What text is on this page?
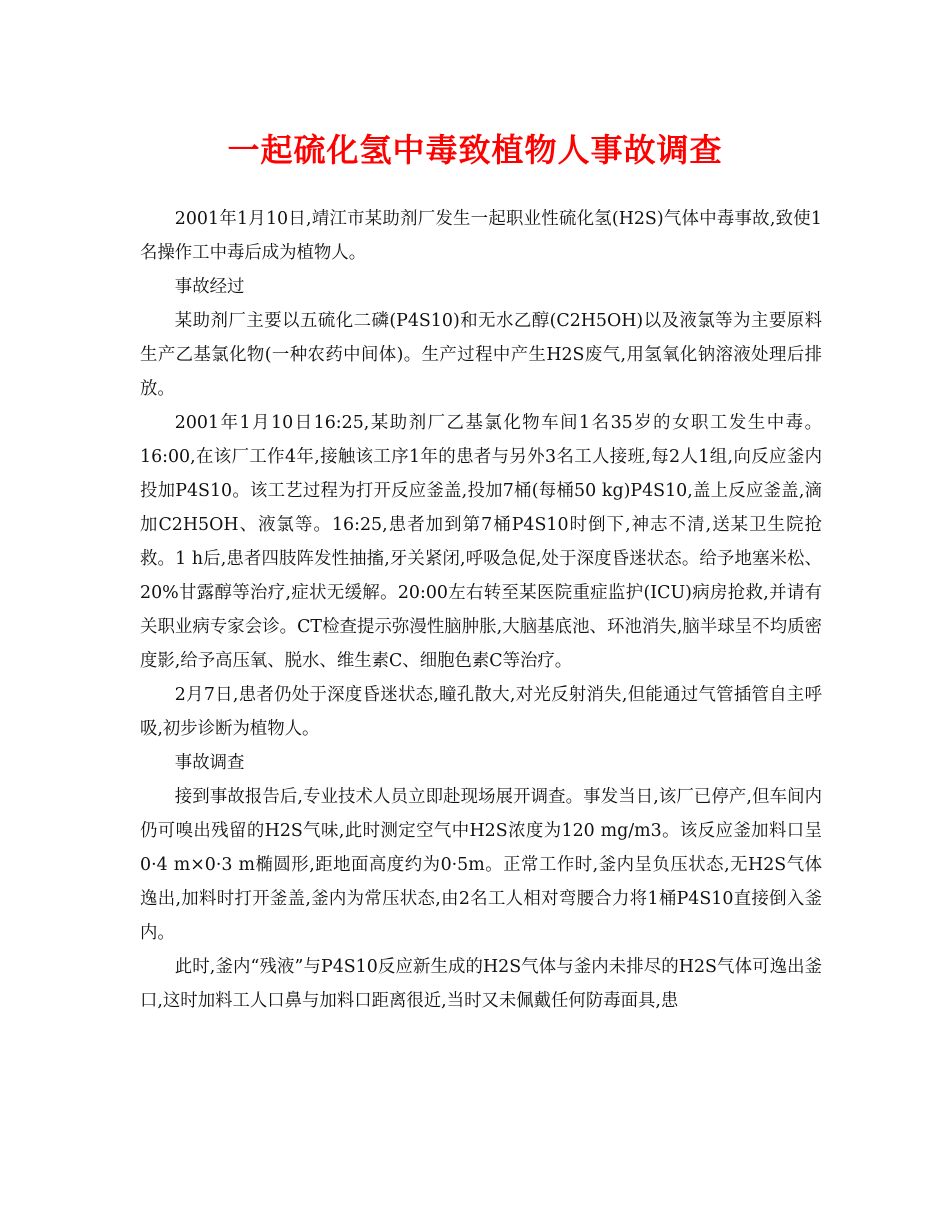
一起硫化氢中毒致植物人事故调查

2001年1月10日,靖江市某助剂厂发生一起职业性硫化氢(H2S)气体中毒事故,致使1名操作工中毒后成为植物人。

事故经过

某助剂厂主要以五硫化二磷(P4S10)和无水乙醇(C2H5OH)以及液氯等为主要原料生产乙基氯化物(一种农药中间体)。生产过程中产生H2S废气,用氢氧化钠溶液处理后排放。

2001年1月10日16:25,某助剂厂乙基氯化物车间1名35岁的女职工发生中毒。16:00,在该厂工作4年,接触该工序1年的患者与另外3名工人接班,每2人1组,向反应釜内投加P4S10。该工艺过程为打开反应釜盖,投加7桶(每桶50 kg)P4S10,盖上反应釜盖,滴加C2H5OH、液氯等。16:25,患者加到第7桶P4S10时倒下,神志不清,送某卫生院抢救。1 h后,患者四肢阵发性抽搐,牙关紧闭,呼吸急促,处于深度昏迷状态。给予地塞米松、20%甘露醇等治疗,症状无缓解。20:00左右转至某医院重症监护(ICU)病房抢救,并请有关职业病专家会诊。CT检查提示弥漫性脑肿胀,大脑基底池、环池消失,脑半球呈不均质密度影,给予高压氧、脱水、维生素C、细胞色素C等治疗。

2月7日,患者仍处于深度昏迷状态,瞳孔散大,对光反射消失,但能通过气管插管自主呼吸,初步诊断为植物人。

事故调查

接到事故报告后,专业技术人员立即赴现场展开调查。事发当日,该厂已停产,但车间内仍可嗅出残留的H2S气味,此时测定空气中H2S浓度为120 mg/m3。该反应釜加料口呈0·4 m×0·3 m椭圆形,距地面高度约为0·5m。正常工作时,釜内呈负压状态,无H2S气体逸出,加料时打开釜盖,釜内为常压状态,由2名工人相对弯腰合力将1桶P4S10直接倒入釜内。

此时,釜内“残液”与P4S10反应新生成的H2S气体与釜内未排尽的H2S气体可逸出釜口,这时加料工人口鼻与加料口距离很近,当时又未佩戴任何防毒面具,患
